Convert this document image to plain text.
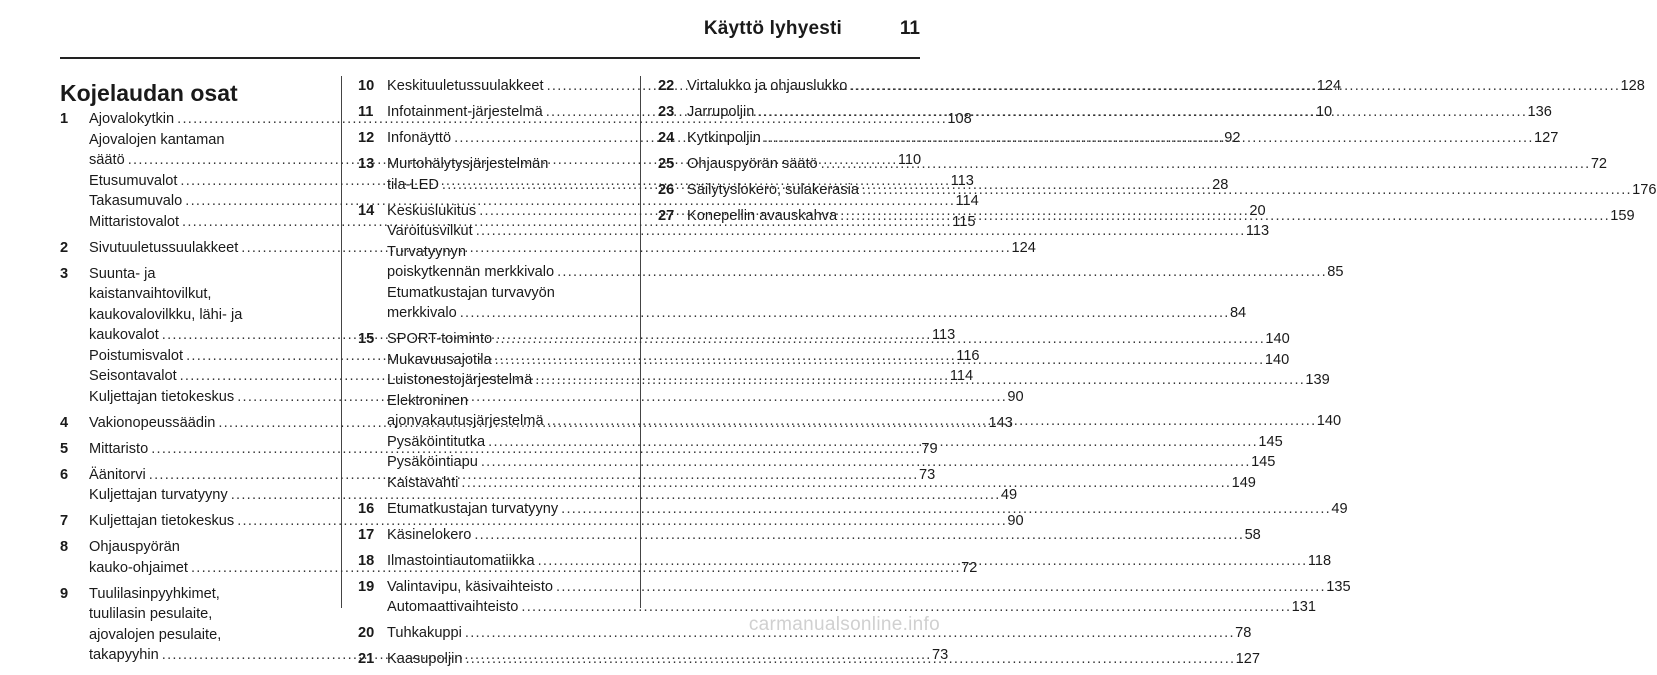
Käyttö lyhyesti	11
Kojelaudan osat
1 Ajovalokytkin . . .	108
Ajovalojen kantaman
säätö . . .	110
Etusumuvalot . . .	113
Takasumuvalo . . .	114
Mittaristovalot . . .	115
2 Sivutuuletussuulakkeet . . .	124
3 Suunta- ja
kaistanvaihtovilkut,
kaukovalovilkku, lähi- ja
kaukovalot . . .	113
Poistumisvalot . . .	116
Seisontavalot . . .	114
Kuljettajan tietokeskus . . .	90
4 Vakionopeussäädin . . .	143
5 Mittaristo . . .	79
6 Äänitorvi . . .	73
Kuljettajan turvatyyny . . .	49
7 Kuljettajan tietokeskus . . .	90
8 Ohjauspyörän
kauko-ohjaimet . . .	72
9 Tuulilasinpyyhkimet,
tuulilasin pesulaite,
ajovalojen pesulaite,
takapyyhin . . .	73
10 Keskituuletussuulakkeet . . .	124
11 Infotainment-järjestelmä . . .	10
12 Infonäyttö . . .	92
13 Murtohälytysjärjestelmän
tila-LED . . .	28
14 Keskuslukitus . . .	20
Varoitusvilkut . . .	113
Turvatyynyn
poiskytkennän merkkivalo . . .	85
Etumatkustajan turvavyön
merkkivalo . . .	84
15 SPORT-toiminto . . .	140
Mukavuusajotila . . .	140
Luistonestojärjestelmä . . .	139
Elektroninen
ajonvakautusjärjestelmä . . .	140
Pysäköintitutka . . .	145
Pysäköintiapu . . .	145
Kaistavahti . . .	149
16 Etumatkustajan turvatyyny . . .	49
17 Käsinelokero . . .	58
18 Ilmastointiautomatiikka . . .	118
19 Valintavipu, käsivaihteisto . . .	135
Automaattivaihteisto . . .	131
20 Tuhkakuppi . . .	78
21 Kaasupoljin . . .	127
22 Virtalukko ja ohjauslukko . . .	128
23 Jarrupoljin . . .	136
24 Kytkinpoljin . . .	127
25 Ohjauspyörän säätö . . .	72
26 Säilytyslokero, sulakerasia . . .	176
27 Konepellin avauskahva . . .	159
carmanualsonline.info
